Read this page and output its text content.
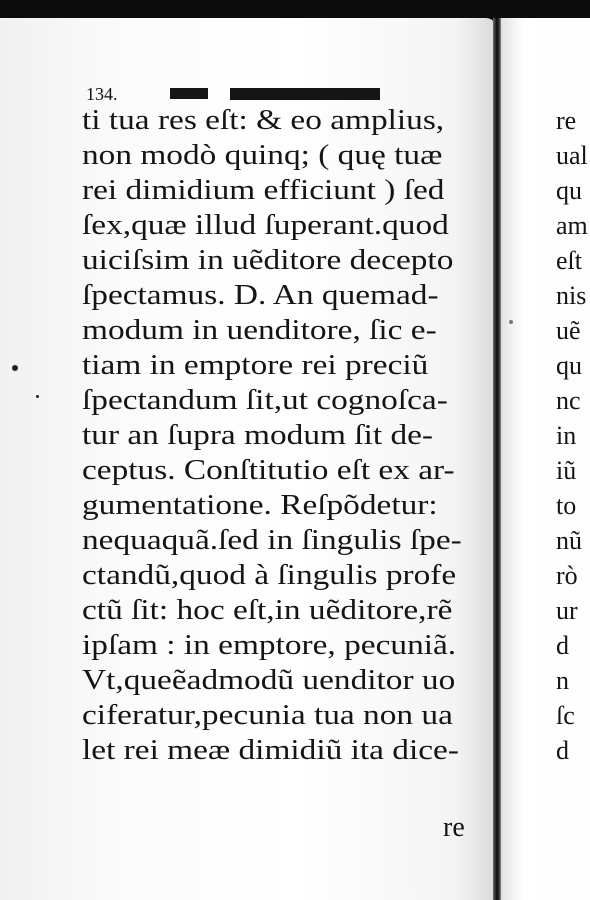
134.
ti tua res eſt: & eo amplius,
non modò quinq; ( quę tuæ
rei dimidium efficiunt ) ſed
ſex,quæ illud ſuperant.quod
uiciſsim in uẽditore decepto
ſpectamus. D. An quemad-
modum in uenditore, ſic e-
tiam in emptore rei preciũ
ſpectandum ſit,ut cognoſca-
tur an ſupra modum ſit de-
ceptus. Conſtitutio eſt ex ar-
gumentatione. Reſpõdetur:
nequaquã.ſed in ſingulis ſpe-
ctandũ,quod à ſingulis profe
ctũ ſit: hoc eſt,in uẽditore,rẽ
ipſam : in emptore, pecuniã.
Vt,queẽadmodũ uenditor uo
ciferatur,pecunia tua non ua
let rei meæ dimidiũ ita dice-
re
re
ual
qu
am
eſt
nis
uẽ
qu
nc
in
iũ
to
nũ
rò
ur
d
n
ſc
d
